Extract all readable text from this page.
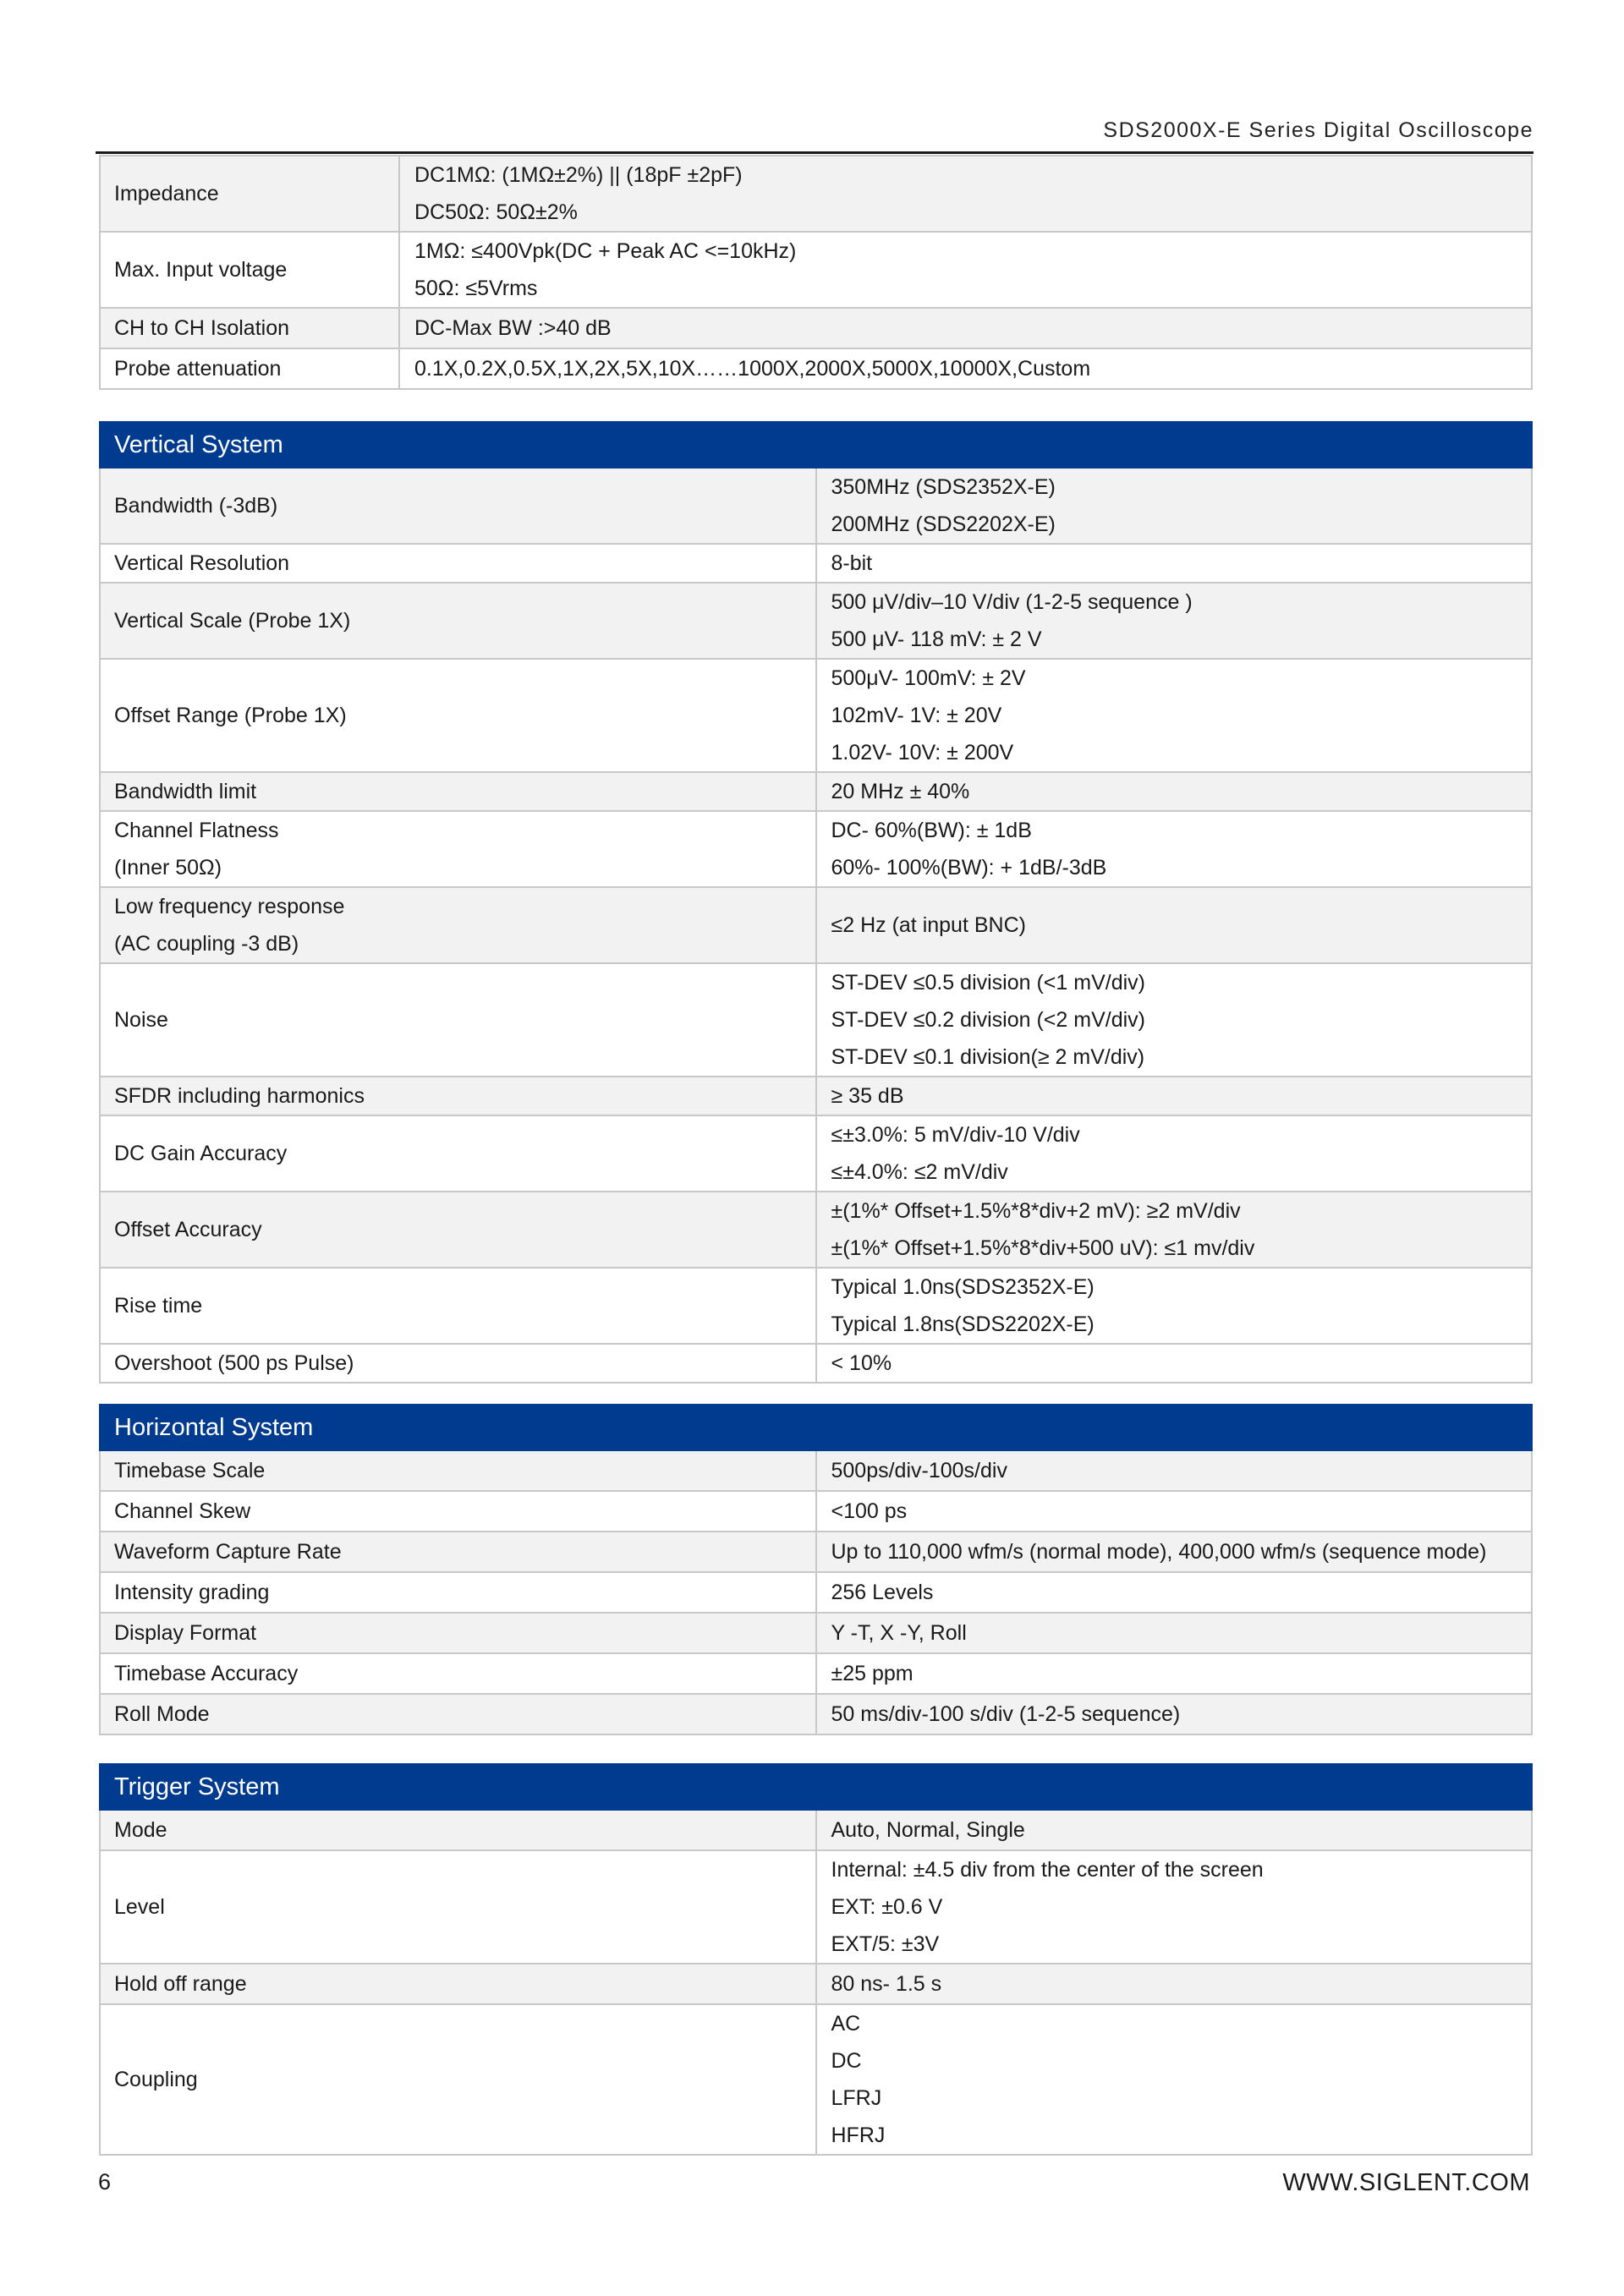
SDS2000X-E Series Digital Oscilloscope
Impedance	DC1MΩ: (1MΩ±2%) || (18pF ±2pF)
DC50Ω: 50Ω±2%

Max. Input voltage	1MΩ: ≤400Vpk(DC + Peak AC <=10kHz)
50Ω: ≤5Vrms

CH to CH Isolation	DC-Max BW :>40 dB

Probe attenuation	0.1X,0.2X,0.5X,1X,2X,5X,10X……1000X,2000X,5000X,10000X,Custom
Vertical System	

Bandwidth (-3dB)	350MHz (SDS2352X-E)
200MHz (SDS2202X-E)

Vertical Resolution	8-bit

Vertical Scale (Probe 1X)	500 μV/div–10 V/div (1-2-5 sequence )
500 μV- 118 mV: ± 2 V

Offset Range (Probe 1X)	500μV- 100mV: ± 2V
102mV- 1V: ± 20V
1.02V- 10V: ± 200V

Bandwidth limit	20 MHz ± 40%

Channel Flatness
(Inner 50Ω)	DC- 60%(BW): ± 1dB
60%- 100%(BW): + 1dB/-3dB

Low frequency response
(AC coupling -3 dB)	≤2 Hz (at input BNC)

Noise	ST-DEV ≤0.5 division (<1 mV/div)
ST-DEV ≤0.2 division (<2 mV/div)
ST-DEV ≤0.1 division(≥ 2 mV/div)

SFDR including harmonics	≥ 35 dB

DC Gain Accuracy	≤±3.0%: 5 mV/div-10 V/div
≤±4.0%: ≤2 mV/div

Offset Accuracy	±(1%* Offset+1.5%*8*div+2 mV): ≥2 mV/div
±(1%* Offset+1.5%*8*div+500 uV): ≤1 mv/div

Rise time	Typical 1.0ns(SDS2352X-E)
Typical 1.8ns(SDS2202X-E)

Overshoot (500 ps Pulse)	< 10%
Horizontal System	
Timebase Scale	500ps/div-100s/div

Channel Skew	<100 ps

Waveform Capture Rate	Up to 110,000 wfm/s (normal mode), 400,000 wfm/s (sequence mode)

Intensity grading	256 Levels

Display Format	Y -T, X -Y, Roll

Timebase Accuracy	±25 ppm

Roll Mode	50 ms/div-100 s/div (1-2-5 sequence)
Trigger System	
Mode	Auto, Normal, Single

Level	Internal: ±4.5 div from the center of the screen
EXT: ±0.6 V
EXT/5: ±3V

Hold off range	80 ns- 1.5 s

Coupling	AC
DC
LFRJ
HFRJ
6	WWW.SIGLENT.COM
